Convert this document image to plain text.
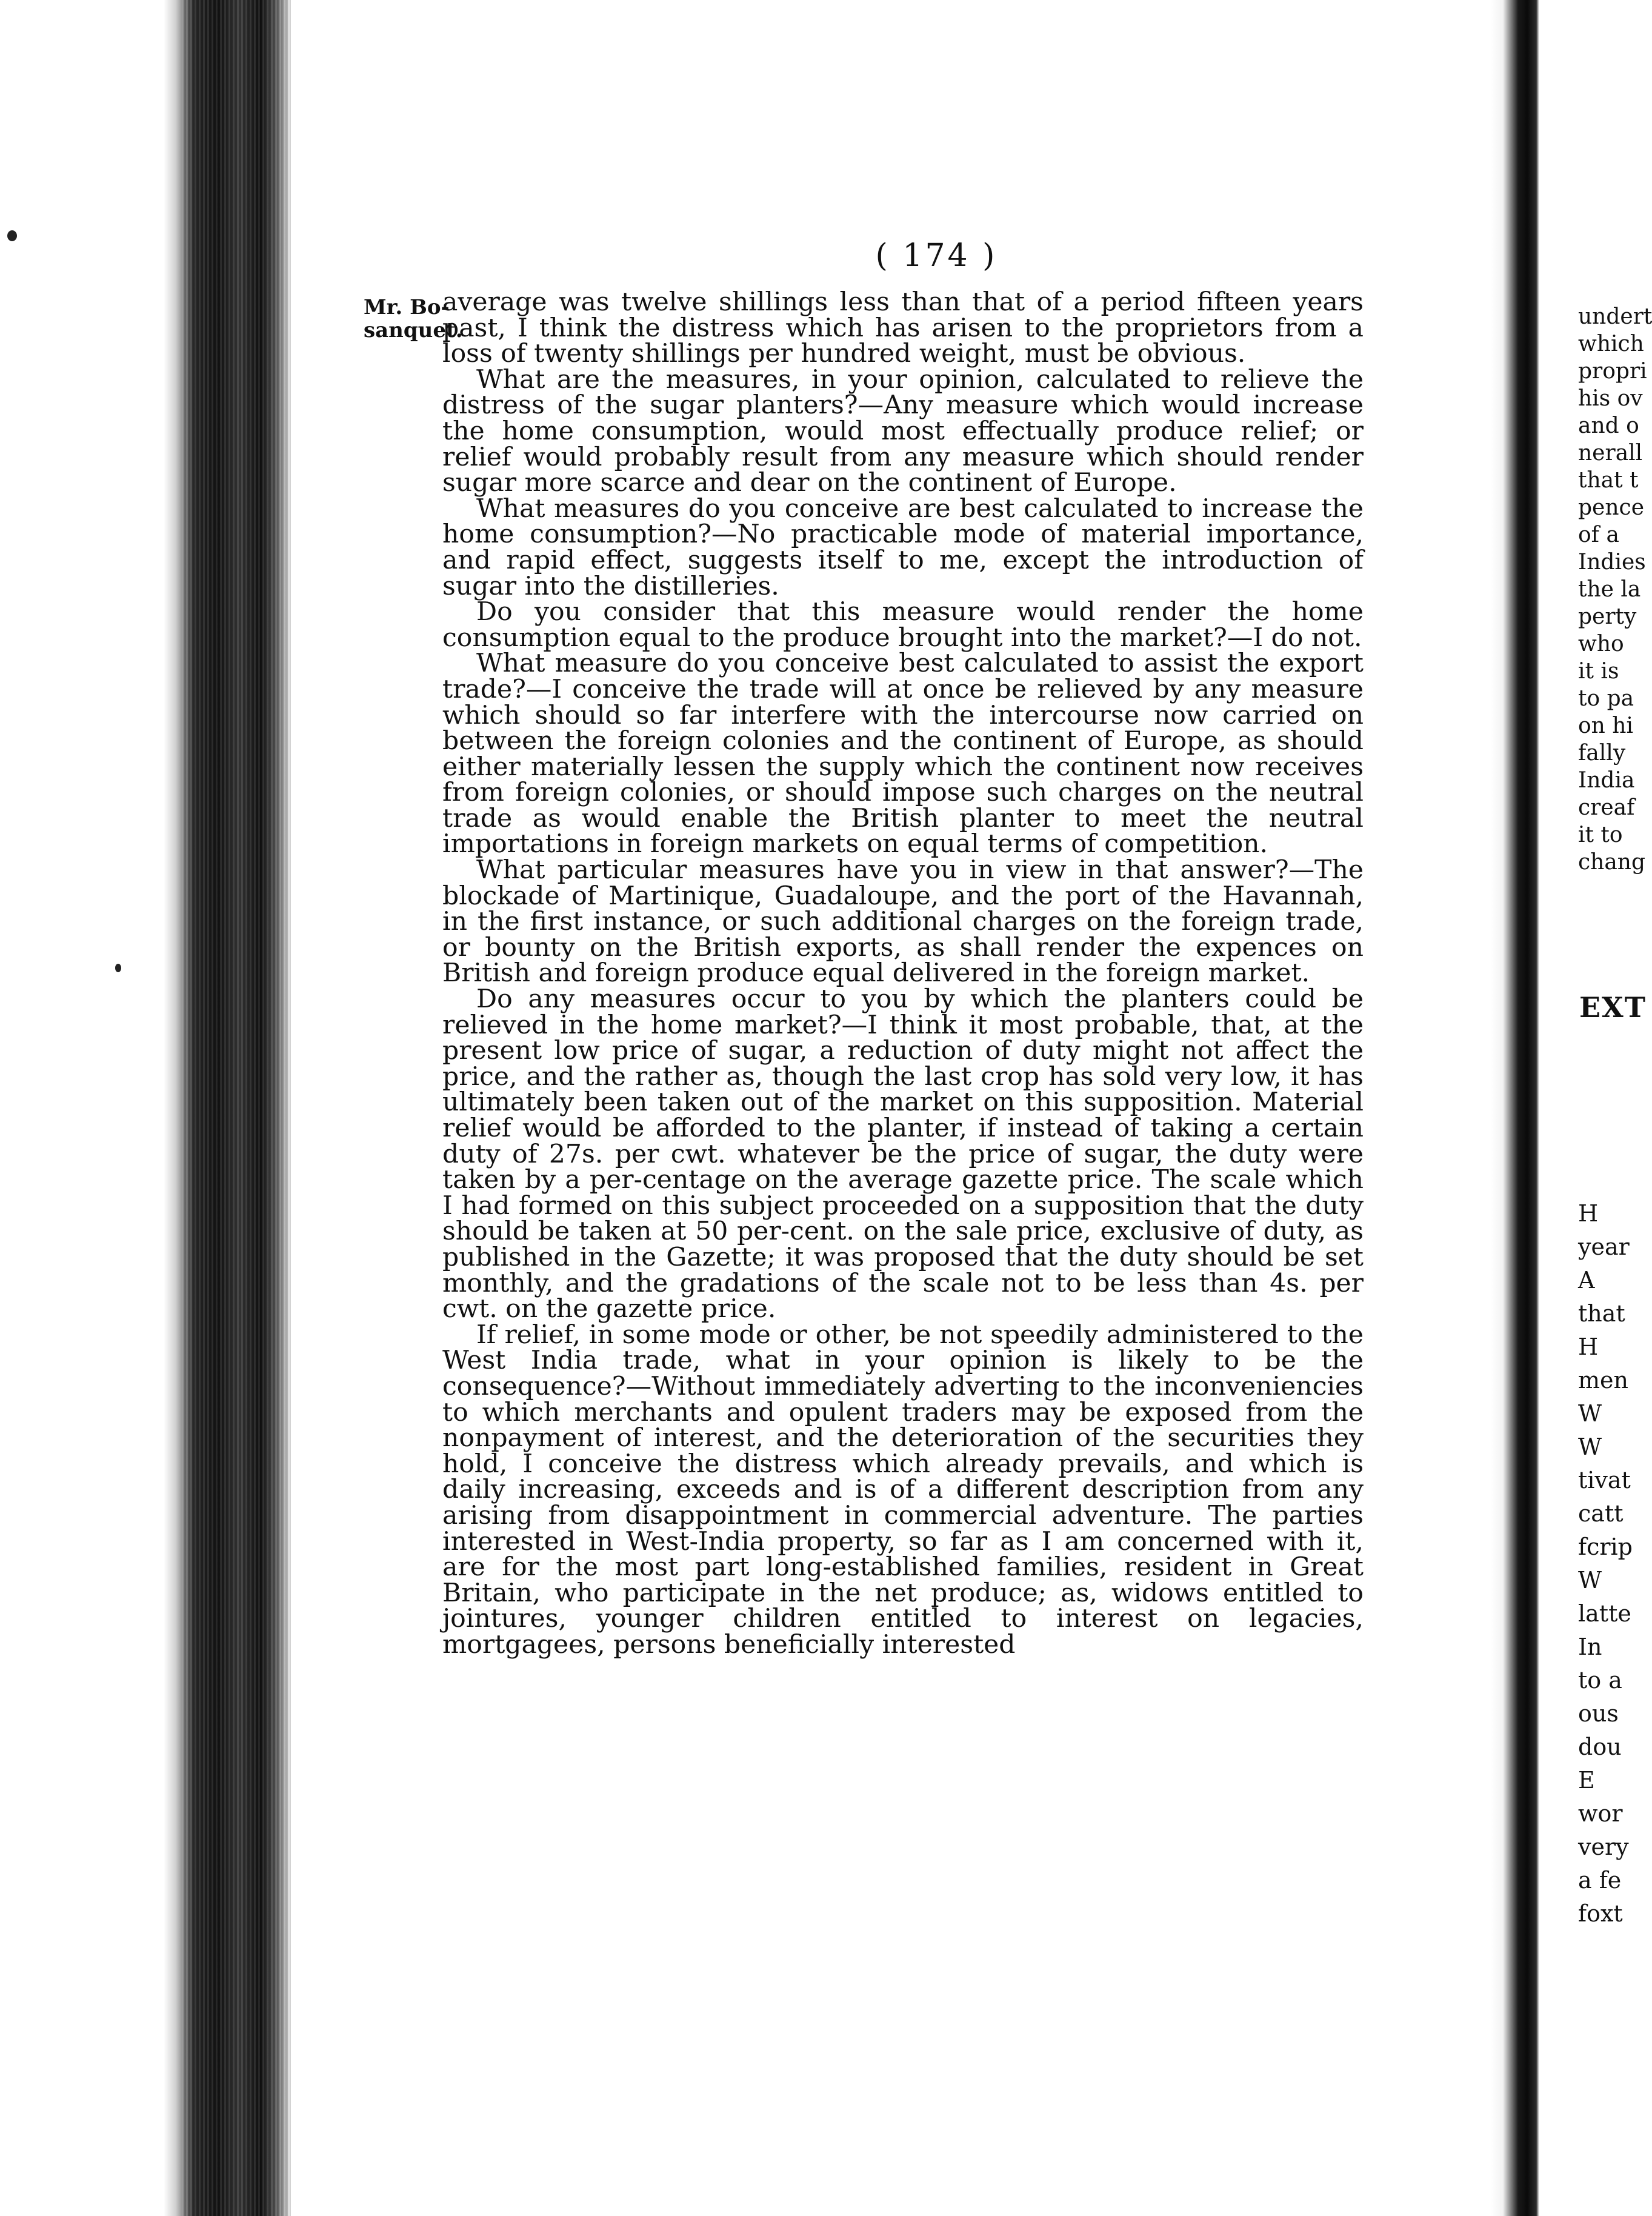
( 174 )
Mr. Bo-sanquet.

average was twelve shillings less than that of a period fifteen years past, I think the distress which has arisen to the proprietors from a loss of twenty shillings per hundred weight, must be obvious.

What are the measures, in your opinion, calculated to relieve the distress of the sugar planters?—Any measure which would increase the home consumption, would most effectually produce relief; or relief would probably result from any measure which should render sugar more scarce and dear on the continent of Europe.

What measures do you conceive are best calculated to increase the home consumption?—No practicable mode of material importance, and rapid effect, suggests itself to me, except the introduction of sugar into the distilleries.

Do you consider that this measure would render the home consumption equal to the produce brought into the market?—I do not.

What measure do you conceive best calculated to assist the export trade?—I conceive the trade will at once be relieved by any measure which should so far interfere with the intercourse now carried on between the foreign colonies and the continent of Europe, as should either materially lessen the supply which the continent now receives from foreign colonies, or should impose such charges on the neutral trade as would enable the British planter to meet the neutral importations in foreign markets on equal terms of competition.

What particular measures have you in view in that answer?—The blockade of Martinique, Guadaloupe, and the port of the Havannah, in the first instance, or such additional charges on the foreign trade, or bounty on the British exports, as shall render the expences on British and foreign produce equal delivered in the foreign market.

Do any measures occur to you by which the planters could be relieved in the home market?—I think it most probable, that, at the present low price of sugar, a reduction of duty might not affect the price, and the rather as, though the last crop has sold very low, it has ultimately been taken out of the market on this supposition. Material relief would be afforded to the planter, if instead of taking a certain duty of 27s. per cwt. whatever be the price of sugar, the duty were taken by a per-centage on the average gazette price. The scale which I had formed on this subject proceeded on a supposition that the duty should be taken at 50 per-cent. on the sale price, exclusive of duty, as published in the Gazette; it was proposed that the duty should be set monthly, and the gradations of the scale not to be less than 4s. per cwt. on the gazette price.

If relief, in some mode or other, be not speedily administered to the West India trade, what in your opinion is likely to be the consequence?—Without immediately adverting to the inconveniencies to which merchants and opulent traders may be exposed from the nonpayment of interest, and the deterioration of the securities they hold, I conceive the distress which already prevails, and which is daily increasing, exceeds and is of a different description from any arising from disappointment in commercial adventure. The parties interested in West-India property, so far as I am concerned with it, are for the most part long-established families, resident in Great Britain, who participate in the net produce; as, widows entitled to jointures, younger children entitled to interest on legacies, mortgagees, persons beneficially interested

undert
which
propri
his ov
and o
nerall
that t
pence
of a
Indies
the la
perty
who
it is
to pa
on hi
fally
India
creaf
it to
chang
EXT
H
year
A
that
H
men
W
W
tivat
catt
fcrip
W
latte
In
to a
ous
dou
E
wor
very
a fe
foxt
